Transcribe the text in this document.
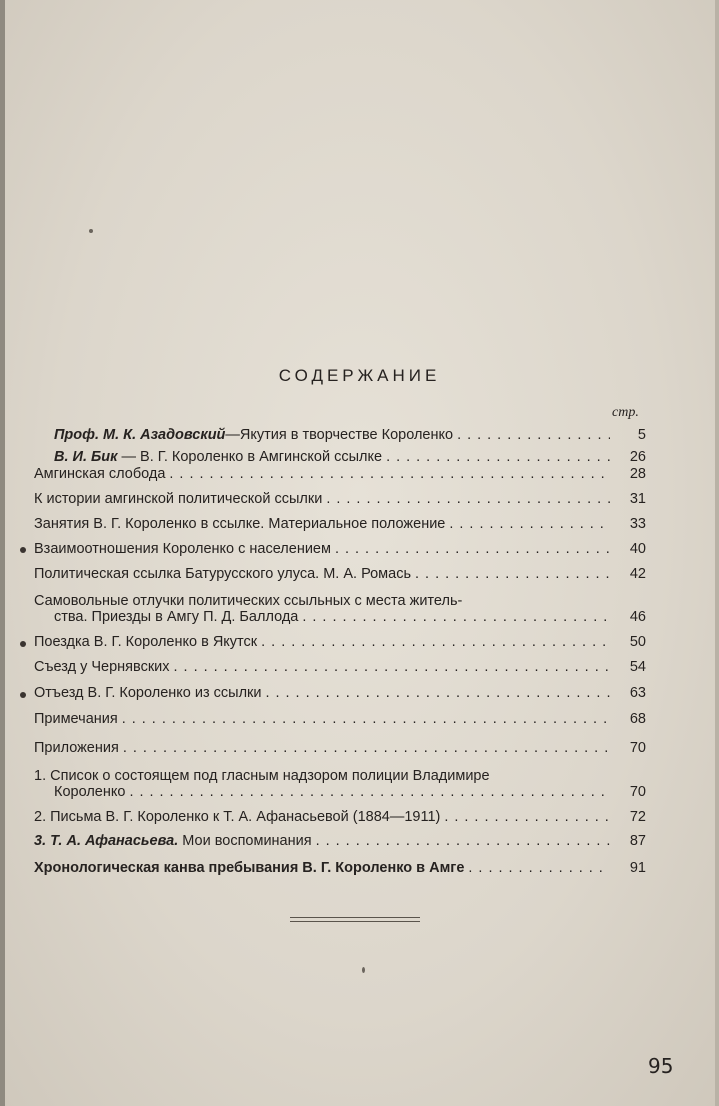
СОДЕРЖАНИЕ
стр.
Проф. М. К. Азадовский—Якутия в творчестве Короленко .....	5
В. И. Бик — В. Г. Короленко в Амгинской ссылке .....	26
Амгинская слобода .....	28
К истории амгинской политической ссылки .....	31
Занятия В. Г. Короленко в ссылке. Материальное положение .....	33
Взаимоотношения Короленко с населением .....	40
Политическая ссылка Батурусского улуса. М. А. Ромась .....	42
Самовольные отлучки политических ссыльных с места житель-
ства. Приезды в Амгу П. Д. Баллода .....	46
Поездка В. Г. Короленко в Якутск .....	50
Съезд у Чернявских .....	54
Отъезд В. Г. Короленко из ссылки .....	63
Примечания .....	68
Приложения .....	70
1. Список о состоящем под гласным надзором полиции Владимире
Короленко .....	70
2. Письма В. Г. Короленко к Т. А. Афанасьевой (1884—1911) .....	72
3. Т. А. Афанасьева. Мои воспоминания .....	87
Хронологическая канва пребывания В. Г. Короленко в Амге .....	91
95
